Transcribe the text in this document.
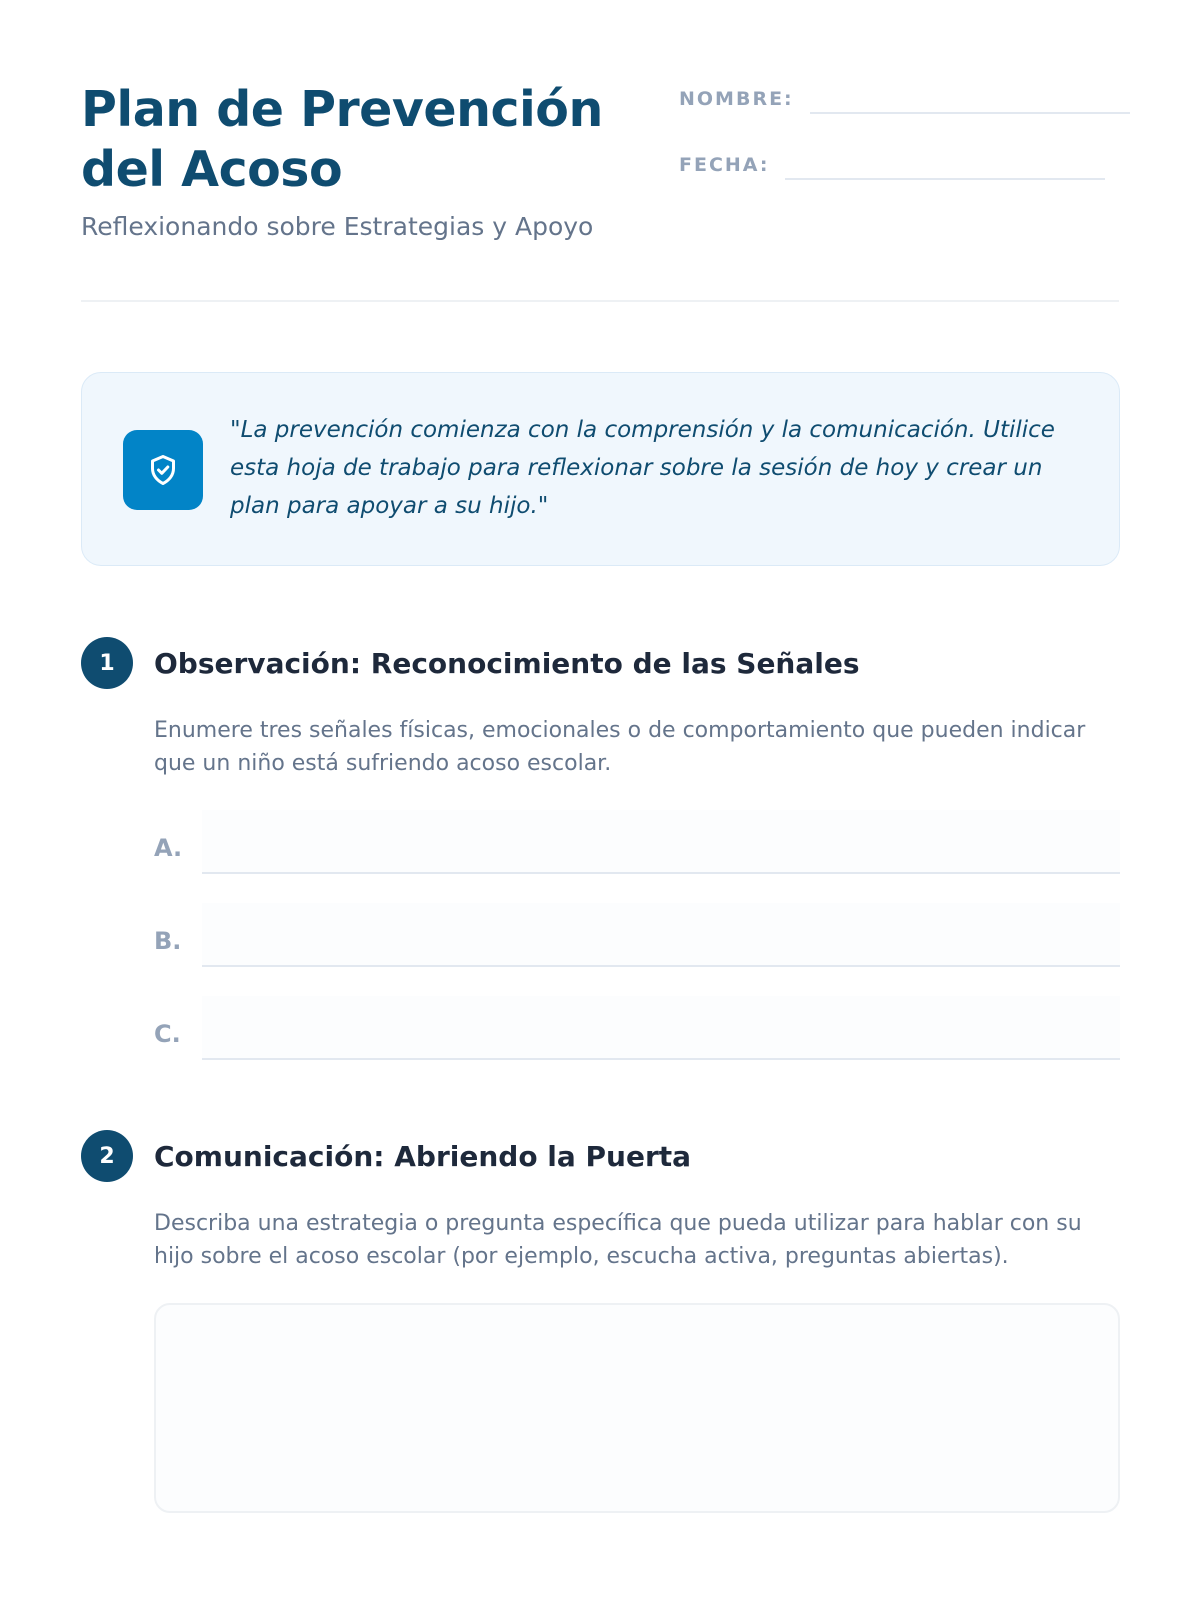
Plan de Prevención del Acoso
Reflexionando sobre Estrategias y Apoyo
NOMBRE:
FECHA:

"La prevención comienza con la comprensión y la comunicación. Utilice esta hoja de trabajo para reflexionar sobre la sesión de hoy y crear un plan para apoyar a su hijo."

1	Observación: Reconocimiento de las Señales

Enumere tres señales físicas, emocionales o de comportamiento que pueden indicar que un niño está sufriendo acoso escolar.

A.
B.
C.
2	Comunicación: Abriendo la Puerta

Describa una estrategia o pregunta específica que pueda utilizar para hablar con su hijo sobre el acoso escolar (por ejemplo, escucha activa, preguntas abiertas).
